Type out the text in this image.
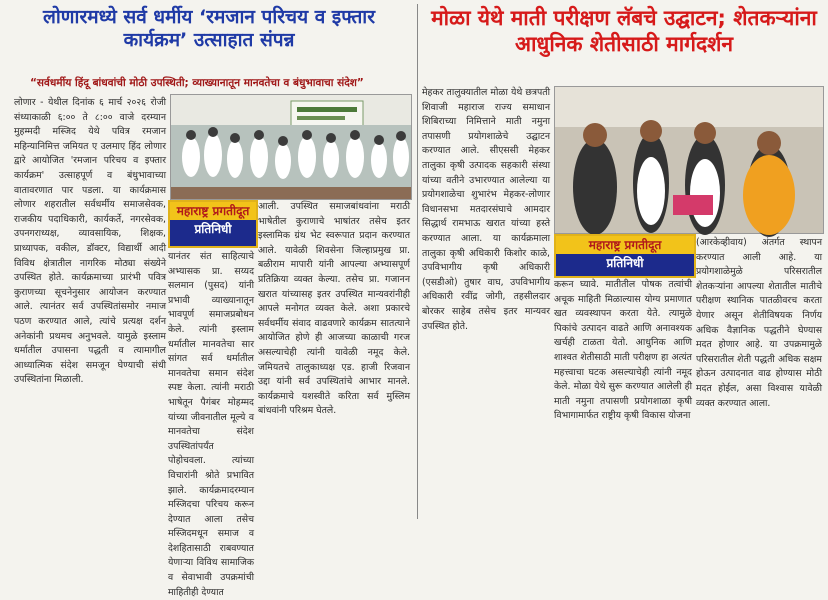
लोणारमध्ये सर्व धर्मीय ‘रमजान परिचय व इफ्तार कार्यक्रम’ उत्साहात संपन्न
“सर्वधर्मीय हिंदू बांधवांची मोठी उपस्थिती; व्याख्यानातून मानवतेचा व बंधुभावाचा संदेश”
लोणार - येथील दिनांक ६ मार्च २०२६ रोजी संध्याकाळी ६:०० ते ८:०० वाजे दरम्यान मुहम्मदी मस्जिद येथे पवित्र रमजान महिन्यानिमित्त जमियत ए उलमाए हिंद लोणार द्वारे आयोजित 'रमजान परिचय व इफ्तार कार्यक्रम' उत्साहपूर्ण व बंधुभावाच्या वातावरणात पार पडला. या कार्यक्रमास लोणार शहरातील सर्वधर्मीय समाजसेवक, राजकीय पदाधिकारी, कार्यकर्ते, नगरसेवक, उपनगराध्यक्ष, व्यावसायिक, शिक्षक, प्राध्यापक, वकील, डॉक्टर, विद्यार्थी आदी विविध क्षेत्रातील नागरिक मोठ्या संख्येने उपस्थित होते. कार्यक्रमाच्या प्रारंभी पवित्र कुराणच्या सूचनेनुसार आयोजन करण्यात आले. त्यानंतर सर्व उपस्थितांसमोर नमाज पठण करण्यात आले, त्यांचे प्रत्यक्ष दर्शन अनेकांनी प्रथमच अनुभवले. यामुळे इस्लाम धर्मातील उपासना पद्धती व त्यामागील आध्यात्मिक संदेश समजून घेण्याची संधी उपस्थितांना मिळाली.
महाराष्ट्र प्रगतीदूत
प्रतिनिधी
यानंतर संत साहित्याचे अभ्यासक प्रा. सय्यद सलमान (पुसद) यांनी प्रभावी व्याख्यानातून भावपूर्ण समाजप्रबोधन केले. त्यांनी इस्लाम धर्मातील मानवतेचा सार सांगत सर्व धर्मातील मानवतेचा समान संदेश स्पष्ट केला. त्यांनी मराठी भाषेतून पैगंबर मोहम्मद यांच्या जीवनातील मूल्ये व मानवतेचा संदेश उपस्थितांपर्यंत पोहोचवला. त्यांच्या विचारांनी श्रोते प्रभावित झाले. कार्यक्रमादरम्यान मस्जिदचा परिचय करून देण्यात आला तसेच मस्जिदमधून समाज व देशहितासाठी राबवण्यात येणाऱ्या विविध सामाजिक व सेवाभावी उपक्रमांची माहितीही देण्यात
आली. उपस्थित समाजबांधवांना मराठी भाषेतील कुराणाचे भाषांतर तसेच इतर इस्लामिक ग्रंथ भेट स्वरूपात प्रदान करण्यात आले. यावेळी शिवसेना जिल्हाप्रमुख प्रा. बळीराम मापारी यांनी आपल्या अभ्यासपूर्ण प्रतिक्रिया व्यक्त केल्या. तसेच प्रा. गजानन खरात यांच्यासह इतर उपस्थित मान्यवरांनीही आपले मनोगत व्यक्त केले. अशा प्रकारचे सर्वधर्मीय संवाद वाढवणारे कार्यक्रम सातत्याने आयोजित होणे ही आजच्या काळाची गरज असल्याचेही त्यांनी यावेळी नमूद केले. जमियतचे तालुकाध्यक्ष एड. हाजी रिजवान उद्दा यांनी सर्व उपस्थितांचे आभार मानले. कार्यक्रमाचे यशस्वीते करिता सर्व मुस्लिम बांधवांनी परिश्रम घेतले.
मोळा येथे माती परीक्षण लॅबचे उद्घाटन; शेतकऱ्यांना आधुनिक शेतीसाठी मार्गदर्शन
मेहकर तालुक्यातील मोळा येथे छत्रपती शिवाजी महाराज राज्य समाधान शिबिराच्या निमित्ताने माती नमुना तपासणी प्रयोगशाळेचे उद्घाटन करण्यात आले. सीएससी मेहकर तालुका कृषी उत्पादक सहकारी संस्था यांच्या वतीने उभारण्यात आलेल्या या प्रयोगशाळेचा शुभारंभ मेहकर-लोणार विधानसभा मतदारसंघाचे आमदार सिद्धार्थ रामभाऊ खरात यांच्या हस्ते करण्यात आला. या कार्यक्रमाला तालुका कृषी अधिकारी किशोर काळे, उपविभागीय कृषी अधिकारी (एसडीओ) तुषार वाघ, उपविभागीय अधिकारी रवींद्र जोगी, तहसीलदार बोरकर साहेब तसेच इतर मान्यवर उपस्थित होते.
महाराष्ट्र प्रगतीदूत
प्रतिनिधी
करून घ्यावे. मातीतील पोषक तत्वांची अचूक माहिती मिळाल्यास योग्य प्रमाणात खत व्यवस्थापन करता येते. त्यामुळे पिकांचे उत्पादन वाढते आणि अनावश्यक खर्चही टाळता येतो. आधुनिक आणि शाश्वत शेतीसाठी माती परीक्षण हा अत्यंत महत्त्वाचा घटक असल्याचेही त्यांनी नमूद केले. मोळा येथे सुरू करण्यात आलेली ही माती नमुना तपासणी प्रयोगशाळा कृषी विभागामार्फत राष्ट्रीय कृषी विकास योजना
(आरकेव्हीवाय) अंतर्गत स्थापन करण्यात आली आहे. या प्रयोगशाळेमुळे परिसरातील शेतकऱ्यांना आपल्या शेतातील मातीचे परीक्षण स्थानिक पातळीवरच करता येणार असून शेतीविषयक निर्णय अधिक वैज्ञानिक पद्धतीने घेण्यास मदत होणार आहे. या उपक्रमामुळे परिसरातील शेती पद्धती अधिक सक्षम होऊन उत्पादनात वाढ होण्यास मोठी मदत होईल, असा विश्वास यावेळी व्यक्त करण्यात आला.
